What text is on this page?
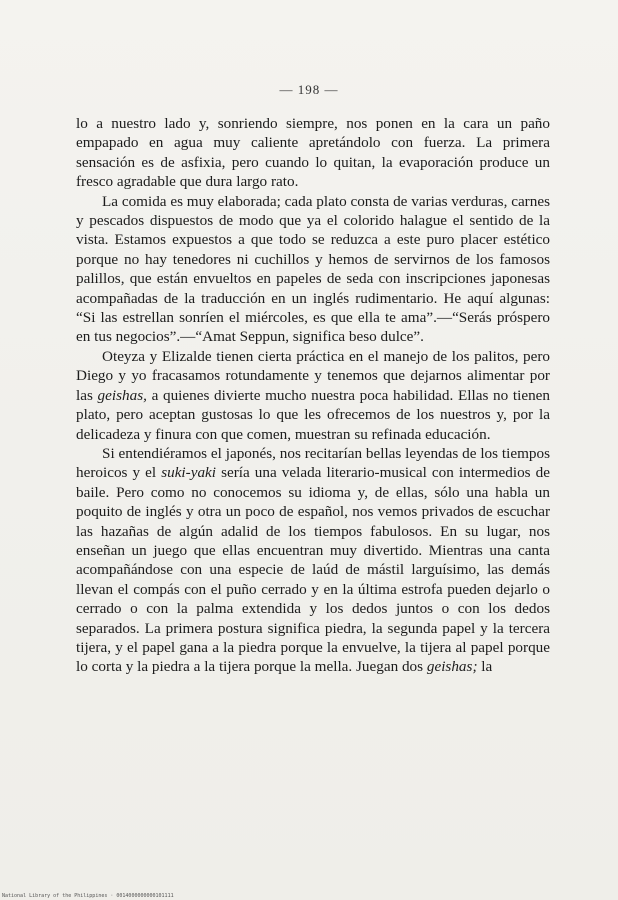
— 198 —

lo a nuestro lado y, sonriendo siempre, nos ponen en la cara un paño empapado en agua muy caliente apretándolo con fuerza. La primera sensación es de asfixia, pero cuando lo quitan, la evaporación produce un fresco agradable que dura largo rato.

La comida es muy elaborada; cada plato consta de varias verduras, carnes y pescados dispuestos de modo que ya el colorido halague el sentido de la vista. Estamos expuestos a que todo se reduzca a este puro placer estético porque no hay tenedores ni cuchillos y hemos de servirnos de los famosos palillos, que están envueltos en papeles de seda con inscripciones japonesas acompañadas de la traducción en un inglés rudimentario. He aquí algunas: “Si las estrellan sonríen el miércoles, es que ella te ama”.—“Serás próspero en tus negocios”.—“Amat Seppun, significa beso dulce”.

Oteyza y Elizalde tienen cierta práctica en el manejo de los palitos, pero Diego y yo fracasamos rotundamente y tenemos que dejarnos alimentar por las geishas, a quienes divierte mucho nuestra poca habilidad. Ellas no tienen plato, pero aceptan gustosas lo que les ofrecemos de los nuestros y, por la delicadeza y finura con que comen, muestran su refinada educación.

Si entendiéramos el japonés, nos recitarían bellas leyendas de los tiempos heroicos y el suki-yaki sería una velada literario-musical con intermedios de baile. Pero como no conocemos su idioma y, de ellas, sólo una habla un poquito de inglés y otra un poco de español, nos vemos privados de escuchar las hazañas de algún adalid de los tiempos fabulosos. En su lugar, nos enseñan un juego que ellas encuentran muy divertido. Mientras una canta acompañándose con una especie de laúd de mástil larguísimo, las demás llevan el compás con el puño cerrado y en la última estrofa pueden dejarlo o cerrado o con la palma extendida y los dedos juntos o con los dedos separados. La primera postura significa piedra, la segunda papel y la tercera tijera, y el papel gana a la piedra porque la envuelve, la tijera al papel porque lo corta y la piedra a la tijera porque la mella. Juegan dos geishas; la

National Library of the Philippines · 0014000000000101111
